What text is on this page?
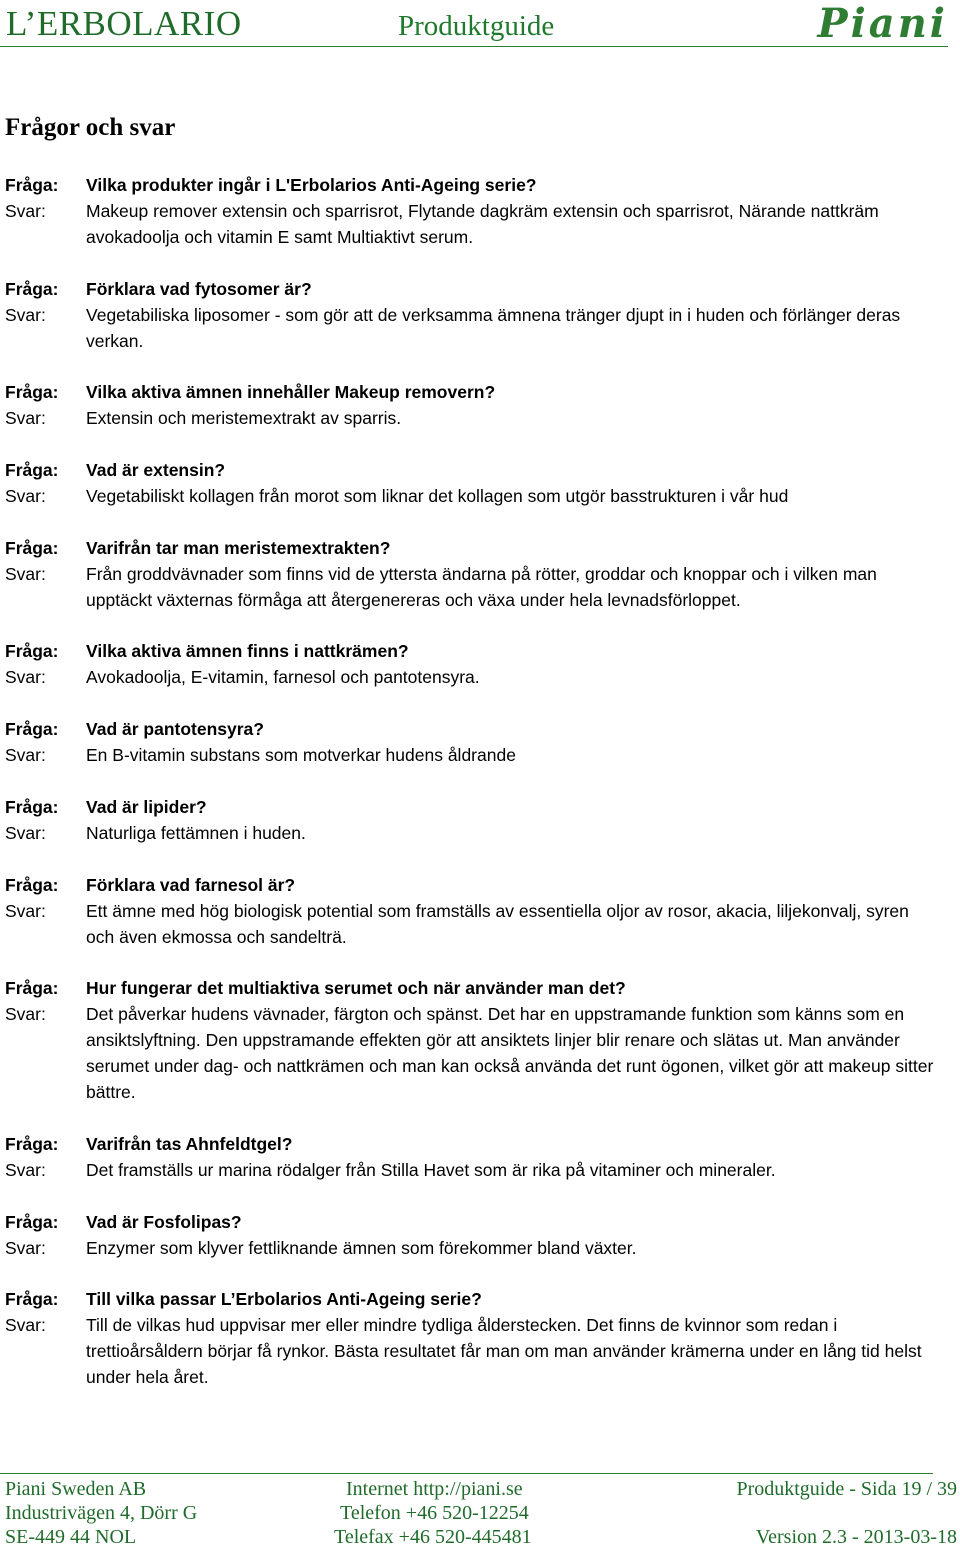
L’ERBOLARIO	Produktguide	Piani
Frågor och svar
Fråga:	Vilka produkter ingår i L'Erbolarios Anti-Ageing serie?
Svar:	Makeup remover extensin och sparrisrot, Flytande dagkräm extensin och sparrisrot, Närande nattkräm avokadoolja och vitamin E samt Multiaktivt serum.
Fråga:	Förklara vad fytosomer är?
Svar:	Vegetabiliska liposomer - som gör att de verksamma ämnena tränger djupt in i huden och förlänger deras verkan.
Fråga:	Vilka aktiva ämnen innehåller Makeup removern?
Svar:	Extensin och meristemextrakt av sparris.
Fråga:	Vad är extensin?
Svar:	Vegetabiliskt kollagen från morot som liknar det kollagen som utgör basstrukturen i vår hud
Fråga:	Varifrån tar man meristemextrakten?
Svar:	Från groddvävnader som finns vid de yttersta ändarna på rötter, groddar och knoppar och i vilken man upptäckt växternas förmåga att återgenereras och växa under hela levnadsförloppet.
Fråga:	Vilka aktiva ämnen finns i nattkrämen?
Svar:	Avokadoolja, E-vitamin, farnesol och pantotensyra.
Fråga:	Vad är pantotensyra?
Svar:	En B-vitamin substans som motverkar hudens åldrande
Fråga:	Vad är lipider?
Svar:	Naturliga fettämnen i huden.
Fråga:	Förklara vad farnesol är?
Svar:	Ett ämne med hög biologisk potential som framställs av essentiella oljor av rosor, akacia, liljekonvalj, syren och även ekmossa och sandelträ.
Fråga:	Hur fungerar det multiaktiva serumet och när använder man det?
Svar:	Det påverkar hudens vävnader, färgton och spänst. Det har en uppstramande funktion som känns som en ansiktslyftning. Den uppstramande effekten gör att ansiktets linjer blir renare och slätas ut. Man använder serumet under dag- och nattkrämen och man kan också använda det runt ögonen, vilket gör att makeup sitter bättre.
Fråga:	Varifrån tas Ahnfeldtgel?
Svar:	Det framställs ur marina rödalger från Stilla Havet som är rika på vitaminer och mineraler.
Fråga:	Vad är Fosfolipas?
Svar:	Enzymer som klyver fettliknande ämnen som förekommer bland växter.
Fråga:	Till vilka passar L’Erbolarios Anti-Ageing serie?
Svar:	Till de vilkas hud uppvisar mer eller mindre tydliga ålderstecken. Det finns de kvinnor som redan i trettioårsåldern börjar få rynkor. Bästa resultatet får man om man använder krämerna under en lång tid helst under hela året.
Piani Sweden AB
Industrivägen 4, Dörr G
SE-449 44 NOL
Internet http://piani.se
Telefon +46 520-12254
Telefax +46 520-445481
Produktguide - Sida 19 / 39
Version 2.3 - 2013-03-18
